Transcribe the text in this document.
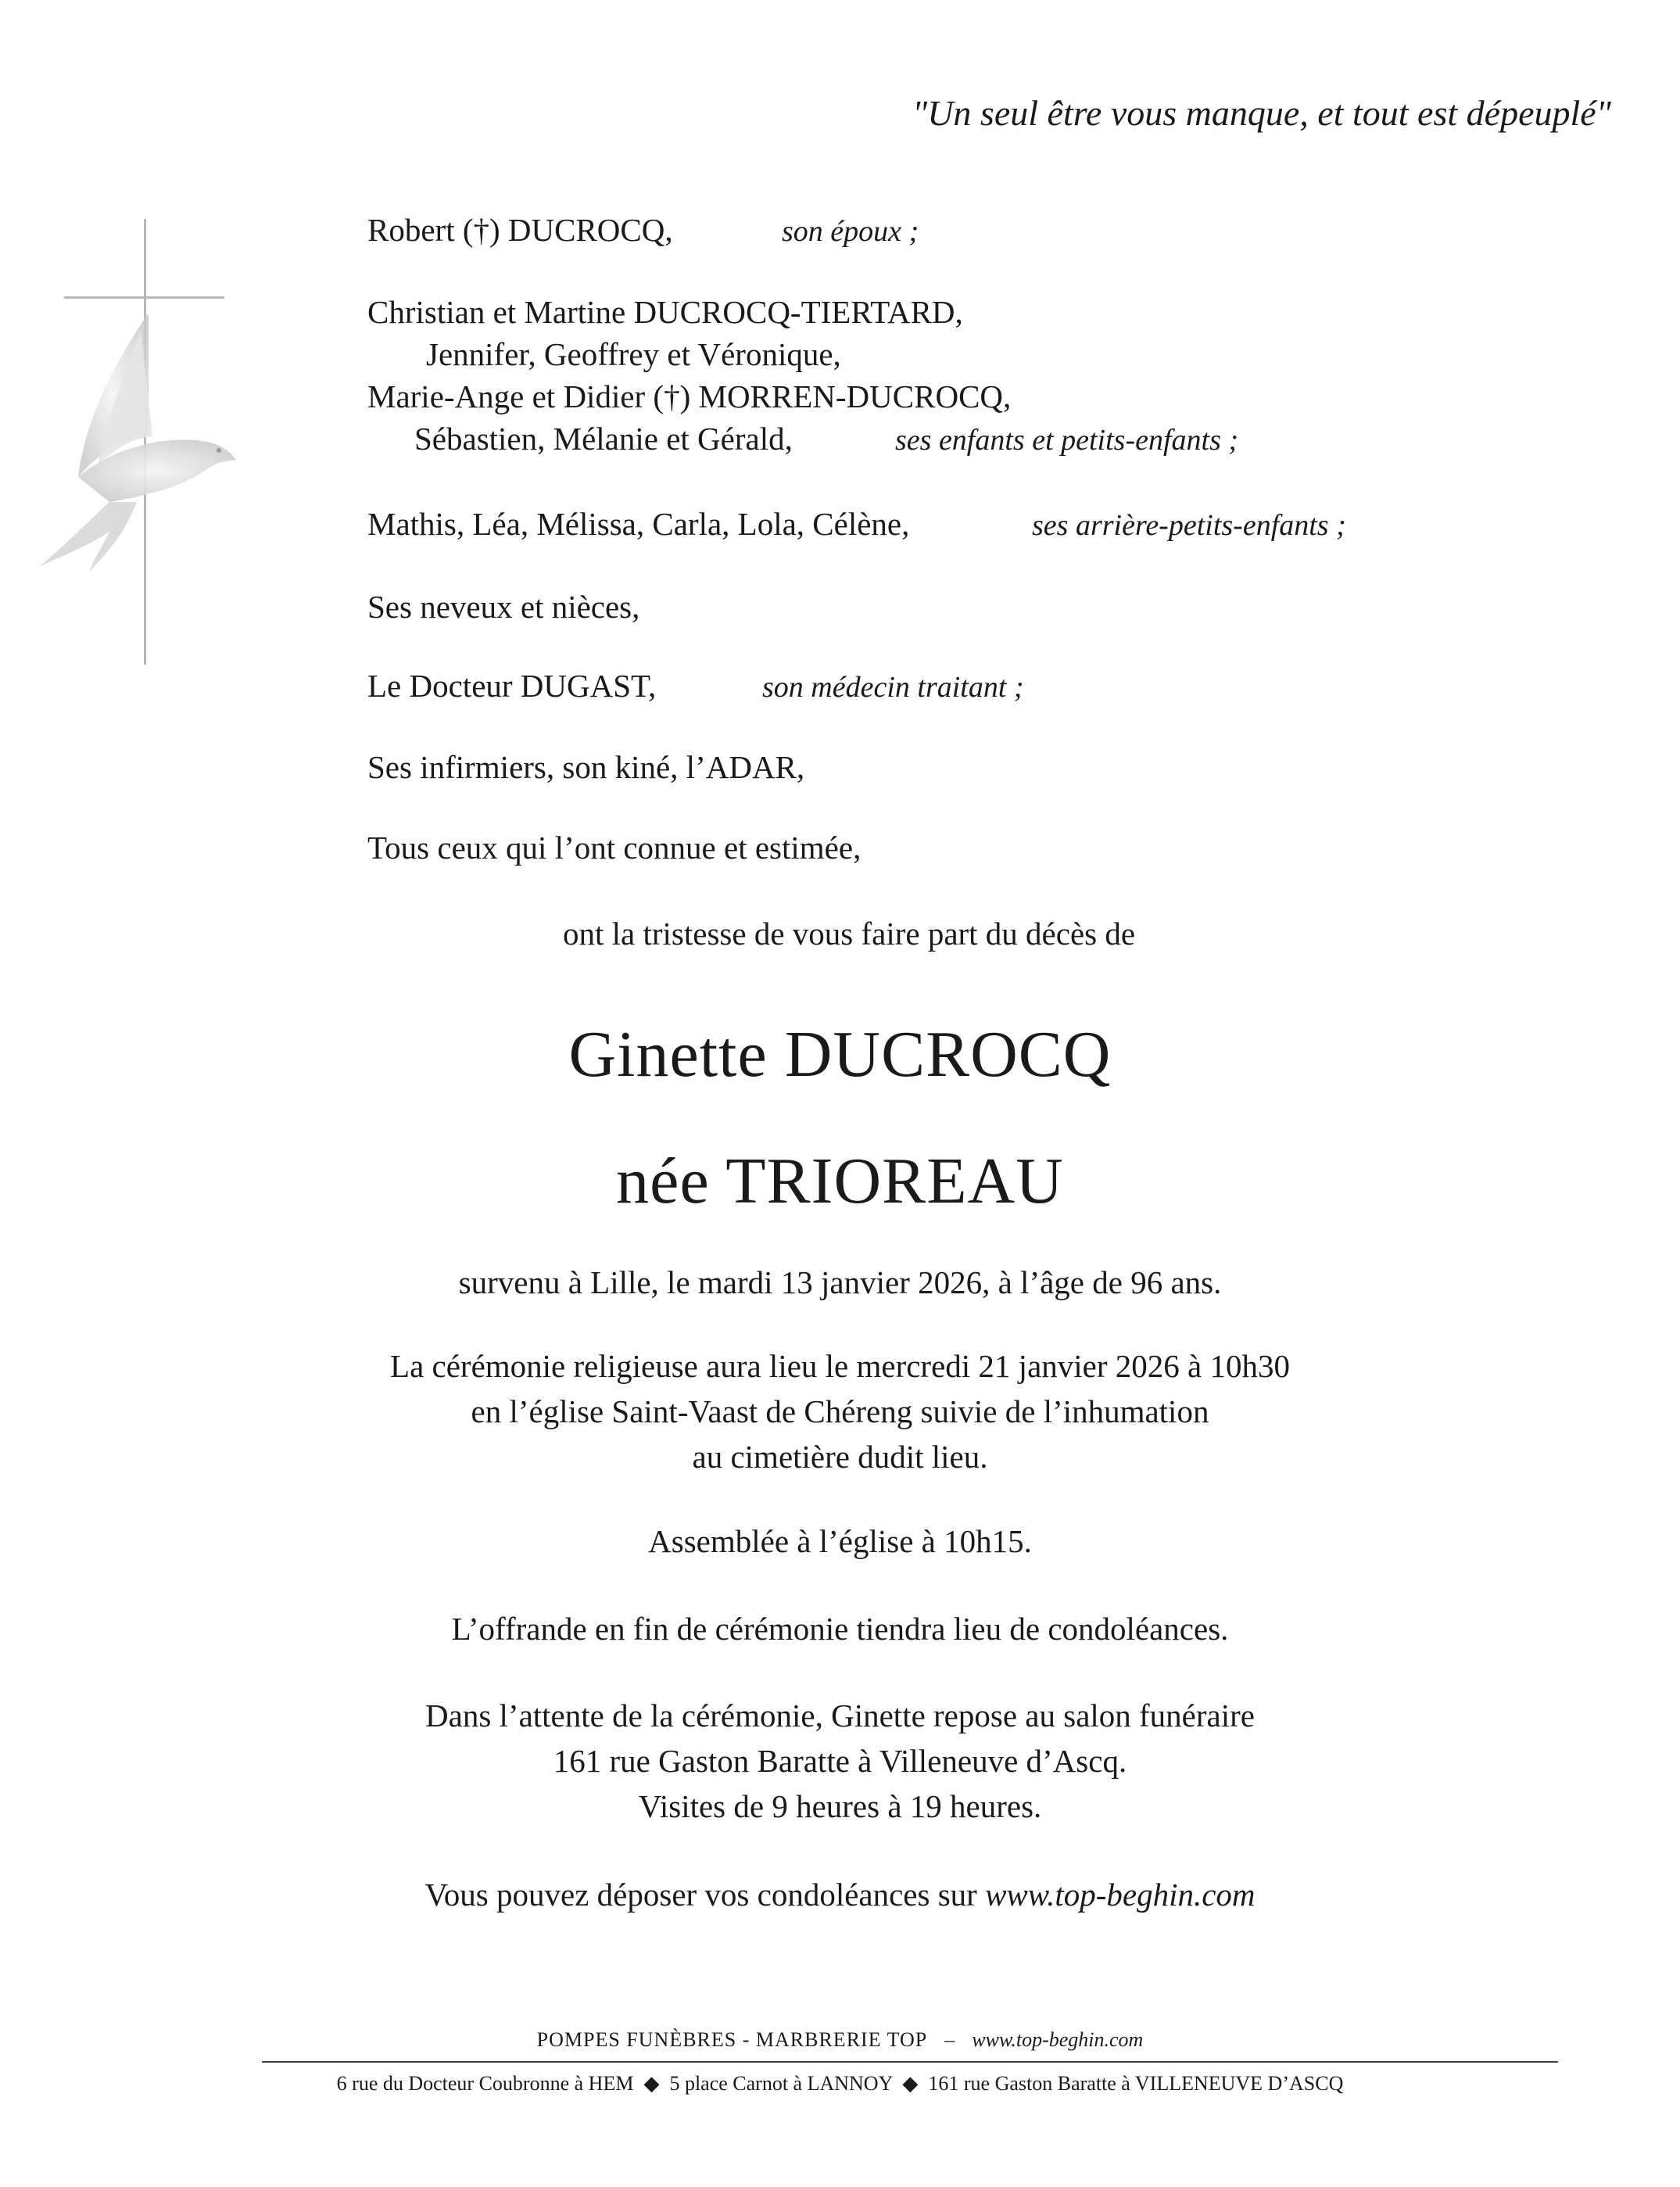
"Un seul être vous manque, et tout est dépeuplé"
Robert (†) DUCROCQ,	son époux ;
Christian et Martine DUCROCQ-TIERTARD,
Jennifer, Geoffrey et Véronique,
Marie-Ange et Didier (†) MORREN-DUCROCQ,
Sébastien, Mélanie et Gérald,	ses enfants et petits-enfants ;
Mathis, Léa, Mélissa, Carla, Lola, Célène,	ses arrière-petits-enfants ;
Ses neveux et nièces,
Le Docteur DUGAST,	son médecin traitant ;
Ses infirmiers, son kiné, l’ADAR,
Tous ceux qui l’ont connue et estimée,
ont la tristesse de vous faire part du décès de
Ginette DUCROCQ
née TRIOREAU
survenu à Lille, le mardi 13 janvier 2026, à l’âge de 96 ans.
La cérémonie religieuse aura lieu le mercredi 21 janvier 2026 à 10h30
en l’église Saint-Vaast de Chéreng suivie de l’inhumation
au cimetière dudit lieu.
Assemblée à l’église à 10h15.
L’offrande en fin de cérémonie tiendra lieu de condoléances.
Dans l’attente de la cérémonie, Ginette repose au salon funéraire
161 rue Gaston Baratte à Villeneuve d’Ascq.
Visites de 9 heures à 19 heures.
Vous pouvez déposer vos condoléances sur www.top-beghin.com
POMPES FUNÈBRES - MARBRERIE TOP – www.top-beghin.com
6 rue du Docteur Coubronne à HEM  ◆  5 place Carnot à LANNOY  ◆  161 rue Gaston Baratte à VILLENEUVE D’ASCQ
